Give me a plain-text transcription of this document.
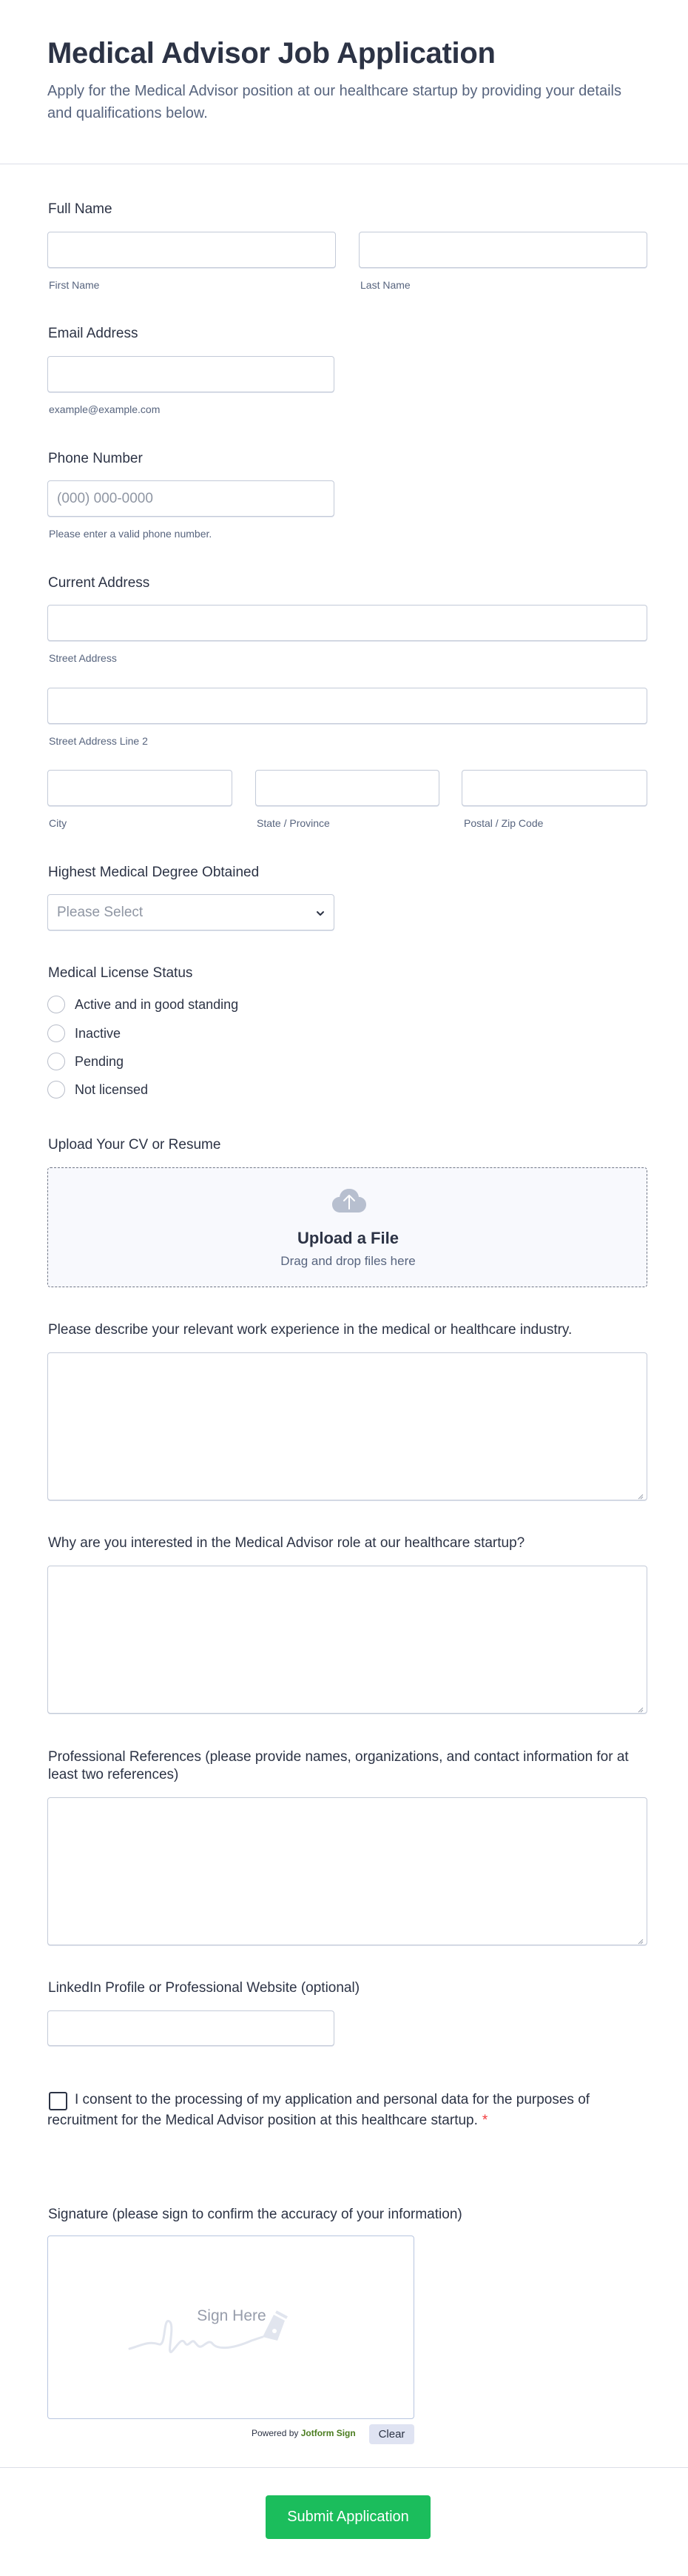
Medical Advisor Job Application
Apply for the Medical Advisor position at our healthcare startup by providing your details and qualifications below.
Full Name
First Name	Last Name
Email Address
example@example.com
Phone Number
(000) 000-0000
Please enter a valid phone number.
Current Address
Street Address
Street Address Line 2
City	State / Province	Postal / Zip Code
Highest Medical Degree Obtained
Please Select
Medical License Status
Active and in good standing
Inactive
Pending
Not licensed
Upload Your CV or Resume
Upload a File
Drag and drop files here
Please describe your relevant work experience in the medical or healthcare industry.
Why are you interested in the Medical Advisor role at our healthcare startup?
Professional References (please provide names, organizations, and contact information for at least two references)
LinkedIn Profile or Professional Website (optional)
I consent to the processing of my application and personal data for the purposes of recruitment for the Medical Advisor position at this healthcare startup. *
Signature (please sign to confirm the accuracy of your information)
Sign Here
Powered by Jotform Sign	Clear
Submit Application
